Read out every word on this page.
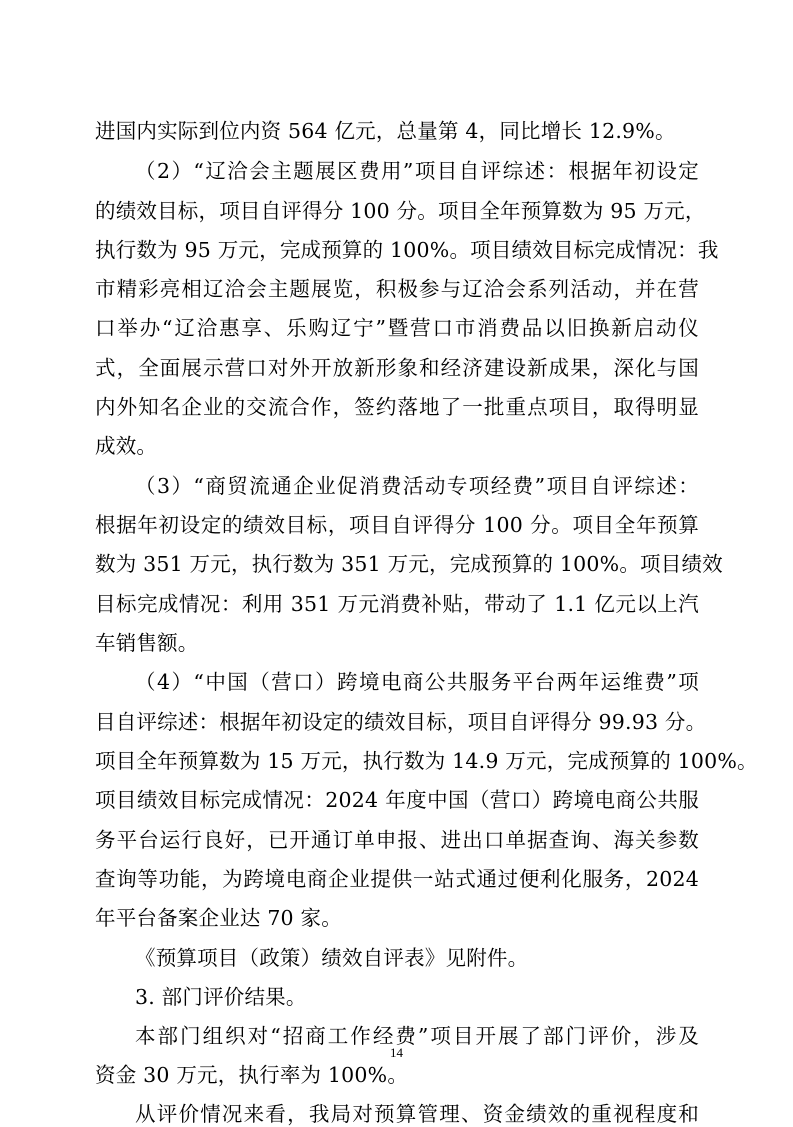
进国内实际到位内资 564 亿元，总量第 4，同比增长 12.9%。
（2）“辽洽会主题展区费用”项目自评综述：根据年初设定
的绩效目标，项目自评得分 100 分。项目全年预算数为 95 万元，
执行数为 95 万元，完成预算的 100%。项目绩效目标完成情况：我
市精彩亮相辽洽会主题展览，积极参与辽洽会系列活动，并在营
口举办“辽洽惠享、乐购辽宁”暨营口市消费品以旧换新启动仪
式，全面展示营口对外开放新形象和经济建设新成果，深化与国
内外知名企业的交流合作，签约落地了一批重点项目，取得明显
成效。
（3）“商贸流通企业促消费活动专项经费”项目自评综述：
根据年初设定的绩效目标，项目自评得分 100 分。项目全年预算
数为 351 万元，执行数为 351 万元，完成预算的 100%。项目绩效
目标完成情况：利用 351 万元消费补贴，带动了 1.1 亿元以上汽
车销售额。
（4）“中国（营口）跨境电商公共服务平台两年运维费”项
目自评综述：根据年初设定的绩效目标，项目自评得分 99.93 分。
项目全年预算数为 15 万元，执行数为 14.9 万元，完成预算的 100%。
项目绩效目标完成情况：2024 年度中国（营口）跨境电商公共服
务平台运行良好，已开通订单申报、进出口单据查询、海关参数
查询等功能，为跨境电商企业提供一站式通过便利化服务，2024
年平台备案企业达 70 家。
《预算项目（政策）绩效自评表》见附件。
3. 部门评价结果。
本部门组织对“招商工作经费”项目开展了部门评价，涉及
资金 30 万元，执行率为 100%。
从评价情况来看，我局对预算管理、资金绩效的重视程度和
14
